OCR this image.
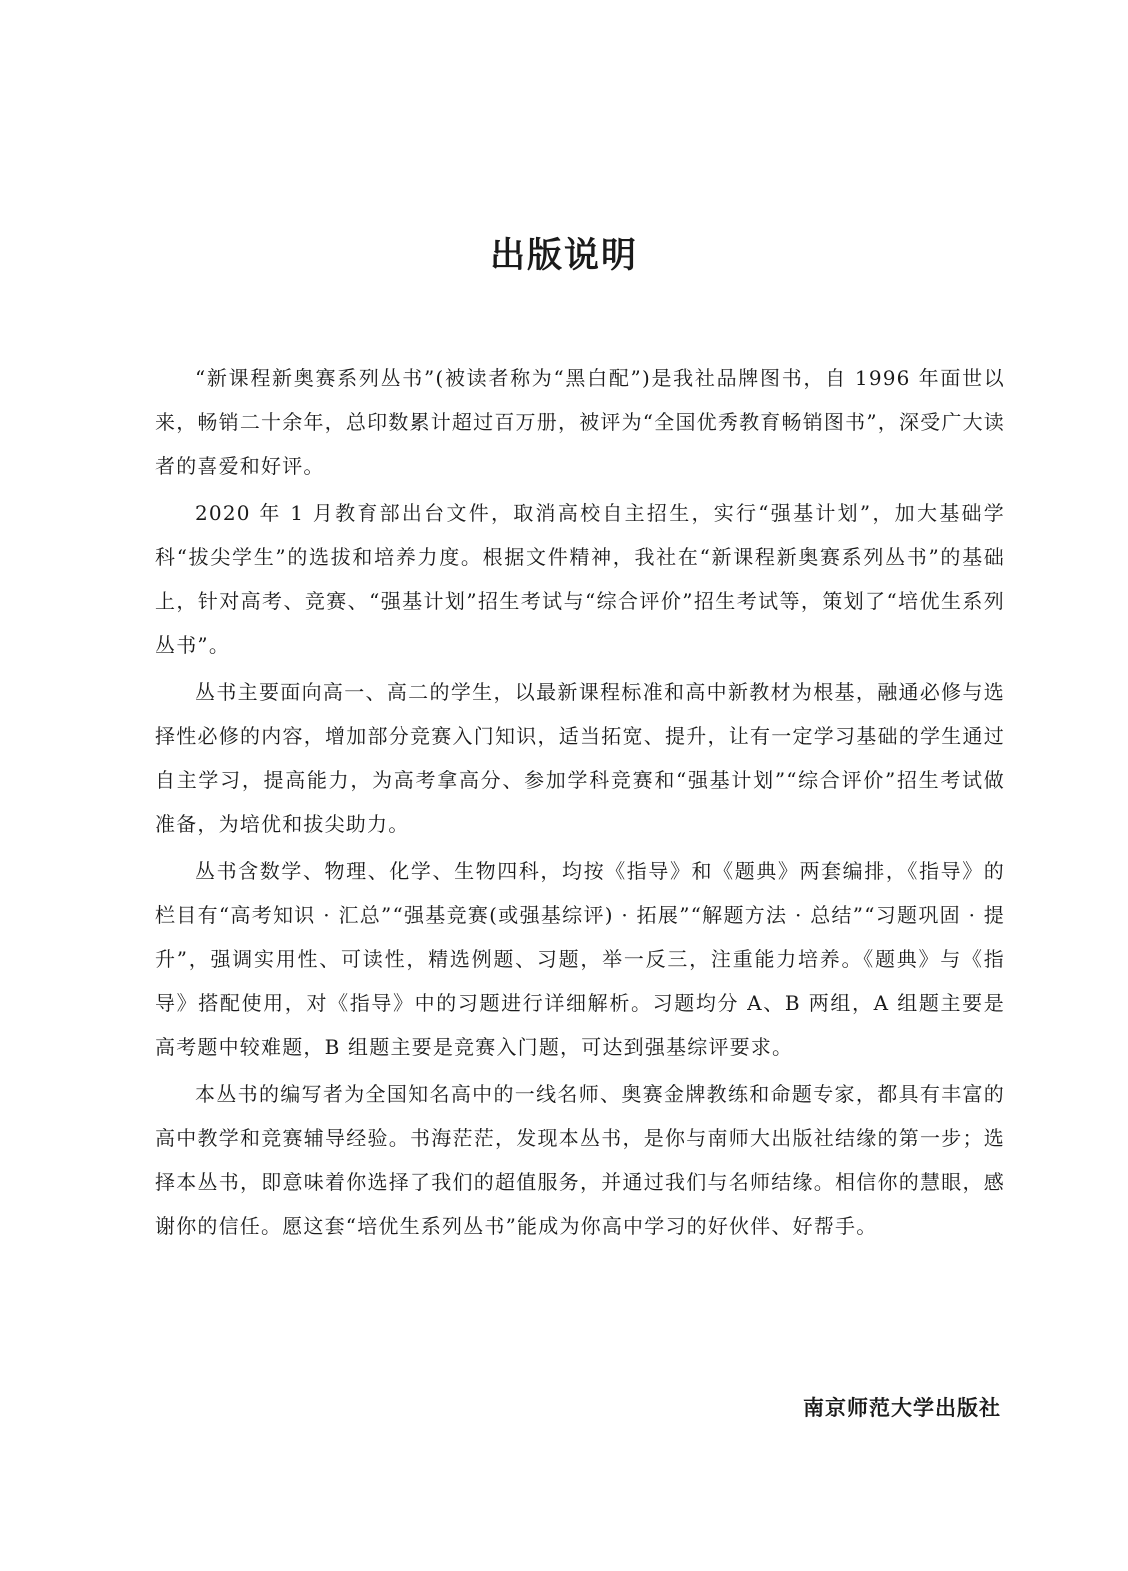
出版说明

“新课程新奥赛系列丛书”(被读者称为“黑白配”)是我社品牌图书，自 1996 年面世以来，畅销二十余年，总印数累计超过百万册，被评为“全国优秀教育畅销图书”，深受广大读者的喜爱和好评。

2020 年 1 月教育部出台文件，取消高校自主招生，实行“强基计划”，加大基础学科“拔尖学生”的选拔和培养力度。根据文件精神，我社在“新课程新奥赛系列丛书”的基础上，针对高考、竞赛、“强基计划”招生考试与“综合评价”招生考试等，策划了“培优生系列丛书”。

丛书主要面向高一、高二的学生，以最新课程标准和高中新教材为根基，融通必修与选择性必修的内容，增加部分竞赛入门知识，适当拓宽、提升，让有一定学习基础的学生通过自主学习，提高能力，为高考拿高分、参加学科竞赛和“强基计划”“综合评价”招生考试做准备，为培优和拔尖助力。

丛书含数学、物理、化学、生物四科，均按《指导》和《题典》两套编排，《指导》的栏目有“高考知识 · 汇总”“强基竞赛(或强基综评) · 拓展”“解题方法 · 总结”“习题巩固 · 提升”，强调实用性、可读性，精选例题、习题，举一反三，注重能力培养。《题典》与《指导》搭配使用，对《指导》中的习题进行详细解析。习题均分 A、B 两组，A 组题主要是高考题中较难题，B 组题主要是竞赛入门题，可达到强基综评要求。

本丛书的编写者为全国知名高中的一线名师、奥赛金牌教练和命题专家，都具有丰富的高中教学和竞赛辅导经验。书海茫茫，发现本丛书，是你与南师大出版社结缘的第一步；选择本丛书，即意味着你选择了我们的超值服务，并通过我们与名师结缘。相信你的慧眼，感谢你的信任。愿这套“培优生系列丛书”能成为你高中学习的好伙伴、好帮手。

南京师范大学出版社
